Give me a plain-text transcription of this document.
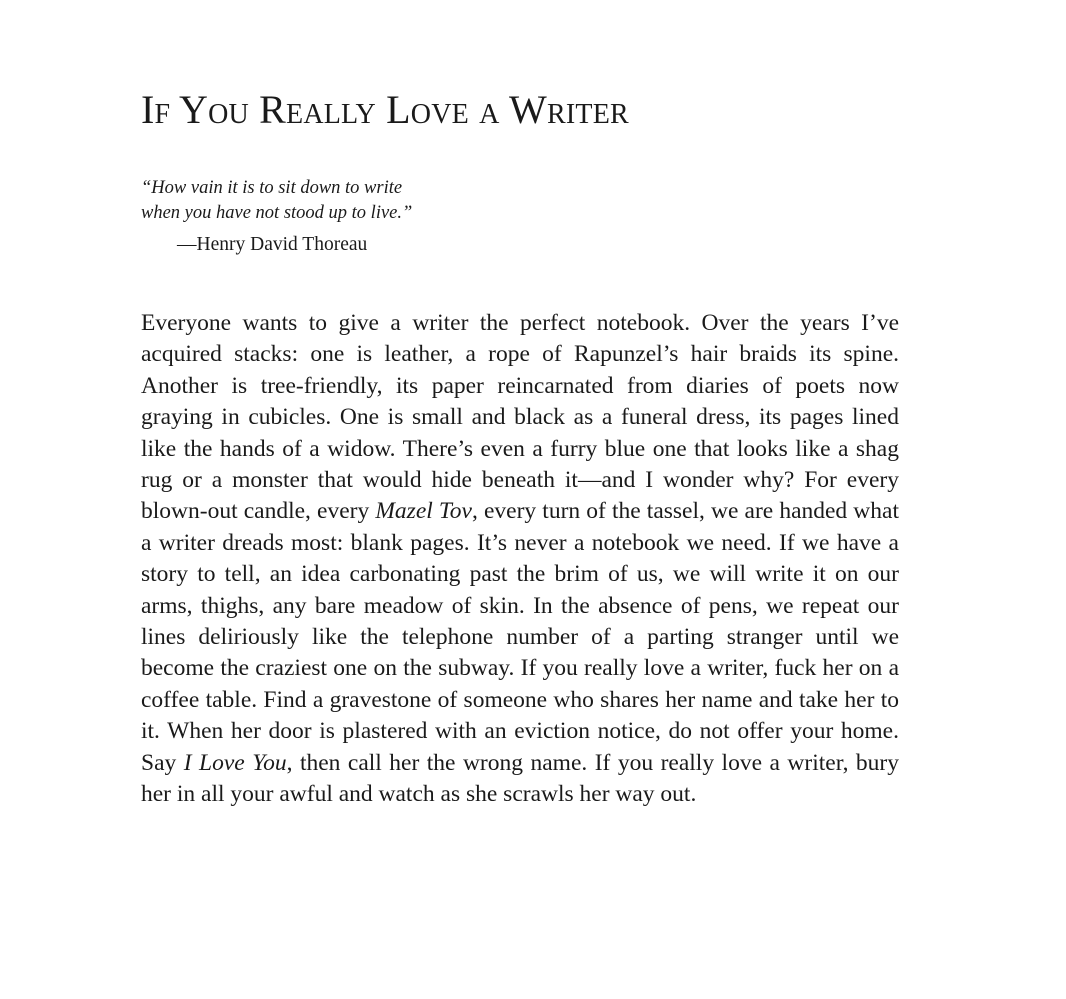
If You Really Love a Writer
“How vain it is to sit down to write
when you have not stood up to live.”
—Henry David Thoreau

Everyone wants to give a writer the perfect notebook. Over the years I’ve acquired stacks: one is leather, a rope of Rapunzel’s hair braids its spine. Another is tree-friendly, its paper reincarnated from diaries of poets now graying in cubicles. One is small and black as a funeral dress, its pages lined like the hands of a widow. There’s even a furry blue one that looks like a shag rug or a monster that would hide beneath it—and I wonder why? For every blown-out candle, every Mazel Tov, every turn of the tassel, we are handed what a writer dreads most: blank pages. It’s never a notebook we need. If we have a story to tell, an idea carbonating past the brim of us, we will write it on our arms, thighs, any bare meadow of skin. In the absence of pens, we repeat our lines deliriously like the telephone number of a parting stranger until we become the craziest one on the subway. If you really love a writer, fuck her on a coffee table. Find a gravestone of someone who shares her name and take her to it. When her door is plastered with an eviction notice, do not offer your home. Say I Love You, then call her the wrong name. If you really love a writer, bury her in all your awful and watch as she scrawls her way out.
